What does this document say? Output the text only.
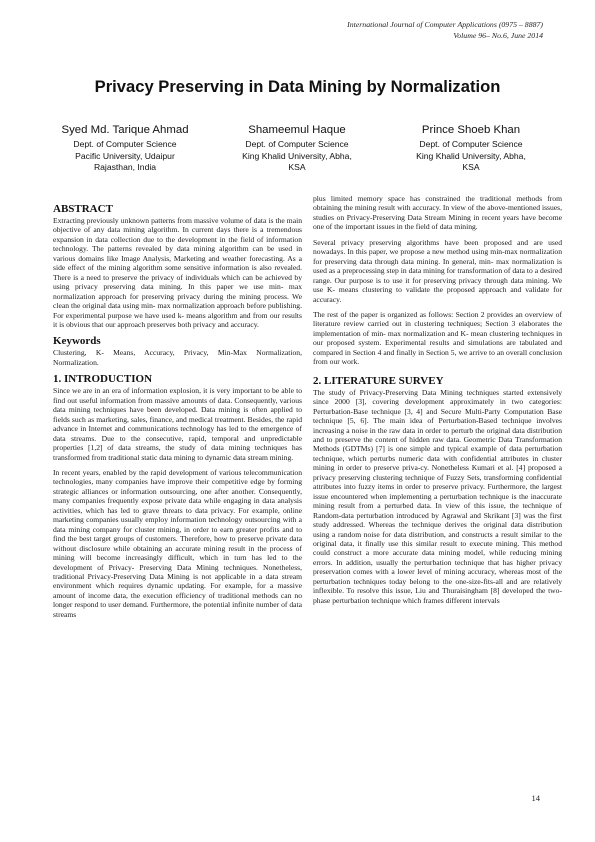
International Journal of Computer Applications (0975 – 8887)
Volume 96– No.6, June 2014
Privacy Preserving in Data Mining by Normalization
Syed Md. Tarique Ahmad
Dept. of Computer Science
Pacific University, Udaipur
Rajasthan, India
Shameemul Haque
Dept. of Computer Science
King Khalid University, Abha,
KSA
Prince Shoeb Khan
Dept. of Computer Science
King Khalid University, Abha,
KSA
ABSTRACT

Extracting previously unknown patterns from massive volume of data is the main objective of any data mining algorithm. In current days there is a tremendous expansion in data collection due to the development in the field of information technology. The patterns revealed by data mining algorithm can be used in various domains like Image Analysis, Marketing and weather forecasting. As a side effect of the mining algorithm some sensitive information is also revealed. There is a need to preserve the privacy of individuals which can be achieved by using privacy preserving data mining. In this paper we use min- max normalization approach for preserving privacy during the mining process. We clean the original data using min- max normalization approach before publishing. For experimental purpose we have used k- means algorithm and from our results it is obvious that our approach preserves both privacy and accuracy.

Keywords

Clustering, K- Means, Accuracy, Privacy, Min-Max Normalization, Normalization.

1. INTRODUCTION

Since we are in an era of information explosion, it is very important to be able to find out useful information from massive amounts of data. Consequently, various data mining techniques have been developed. Data mining is often applied to fields such as marketing, sales, finance, and medical treatment. Besides, the rapid advance in Internet and communications technology has led to the emergence of data streams. Due to the consecutive, rapid, temporal and unpredictable properties [1,2] of data streams, the study of data mining techniques has transformed from traditional static data mining to dynamic data stream mining.

In recent years, enabled by the rapid development of various telecommunication technologies, many companies have improve their competitive edge by forming strategic alliances or information outsourcing, one after another. Consequently, many companies frequently expose private data while engaging in data analysis activities, which has led to grave threats to data privacy. For example, online marketing companies usually employ information technology outsourcing with a data mining company for cluster mining, in order to earn greater profits and to find the best target groups of customers. Therefore, how to preserve private data without disclosure while obtaining an accurate mining result in the process of mining will become increasingly difficult, which in turn has led to the development of Privacy- Preserving Data Mining techniques. Nonetheless, traditional Privacy-Preserving Data Mining is not applicable in a data stream environment which requires dynamic updating. For example, for a massive amount of income data, the execution efficiency of traditional methods can no longer respond to user demand. Furthermore, the potential infinite number of data streams

plus limited memory space has constrained the traditional methods from obtaining the mining result with accuracy. In view of the above-mentioned issues, studies on Privacy-Preserving Data Stream Mining in recent years have become one of the important issues in the field of data mining.

Several privacy preserving algorithms have been proposed and are used nowadays. In this paper, we propose a new method using min-max normalization for preserving data through data mining. In general, min- max normalization is used as a preprocessing step in data mining for transformation of data to a desired range. Our purpose is to use it for preserving privacy through data mining. We use K- means clustering to validate the proposed approach and validate for accuracy.

The rest of the paper is organized as follows: Section 2 provides an overview of literature review carried out in clustering techniques; Section 3 elaborates the implementation of min- max normalization and K- mean clustering techniques in our proposed system. Experimental results and simulations are tabulated and compared in Section 4 and finally in Section 5, we arrive to an overall conclusion from our work.

2. LITERATURE SURVEY

The study of Privacy-Preserving Data Mining techniques started extensively since 2000 [3], covering development approximately in two categories: Perturbation-Base technique [3, 4] and Secure Multi-Party Computation Base technique [5, 6]. The main idea of Perturbation-Based technique involves increasing a noise in the raw data in order to perturb the original data distribution and to preserve the content of hidden raw data. Geometric Data Transformation Methods (GDTMs) [7] is one simple and typical example of data perturbation technique, which perturbs numeric data with confidential attributes in cluster mining in order to preserve priva-cy. Nonetheless Kumari et al. [4] proposed a privacy preserving clustering technique of Fuzzy Sets, transforming confidential attributes into fuzzy items in order to preserve privacy. Furthermore, the largest issue encountered when implementing a perturbation technique is the inaccurate mining result from a perturbed data. In view of this issue, the technique of Random-data perturbation introduced by Agrawal and Skrikant [3] was the first study addressed. Whereas the technique derives the original data distribution using a random noise for data distribution, and constructs a result similar to the original data, it finally use this similar result to execute mining. This method could construct a more accurate data mining model, while reducing mining errors. In addition, usually the perturbation technique that has higher privacy preservation comes with a lower level of mining accuracy, whereas most of the perturbation techniques today belong to the one-size-fits-all and are relatively inflexible. To resolve this issue, Liu and Thuraisingham [8] developed the two-phase perturbation technique which frames different intervals

14
